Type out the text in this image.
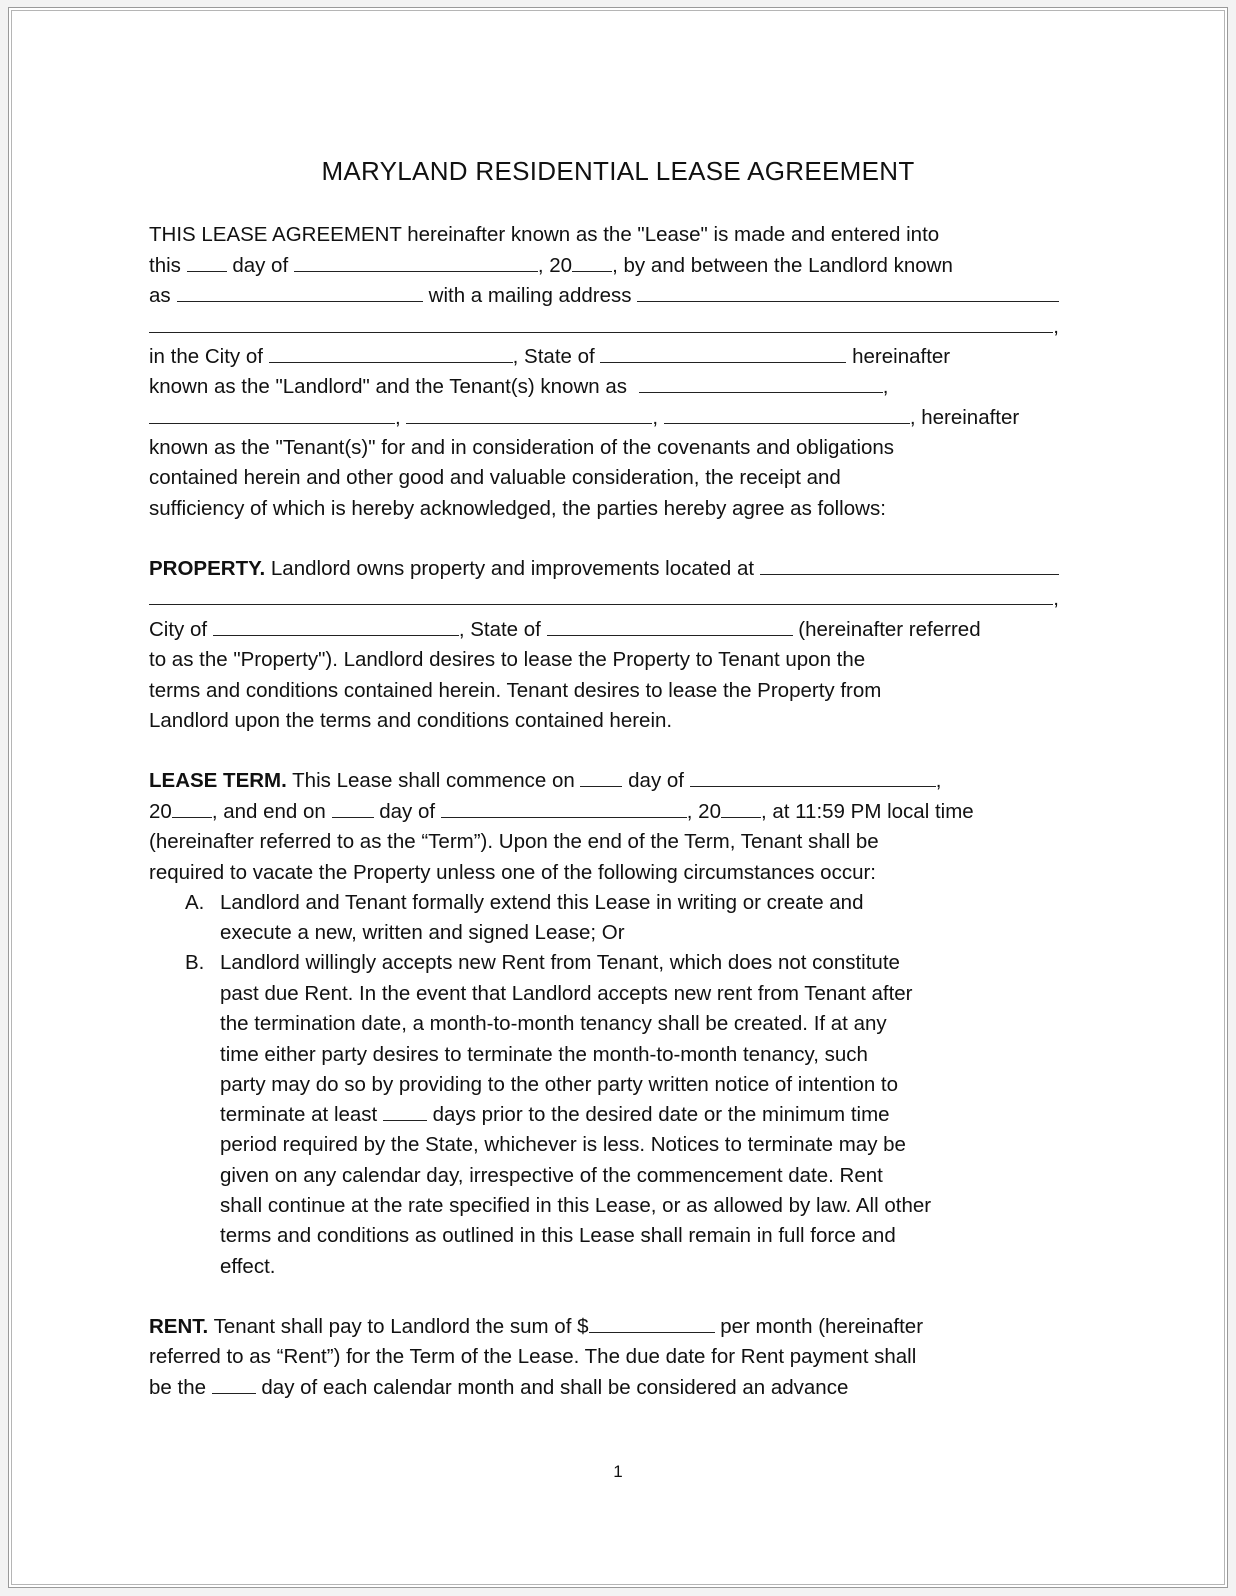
MARYLAND RESIDENTIAL LEASE AGREEMENT
THIS LEASE AGREEMENT hereinafter known as the "Lease" is made and entered into
this	day of	, 20 , by and between the Landlord known
as	with a mailing address
,
in the City of	, State of	hereinafter
known as the "Landlord" and the Tenant(s) known as	,
,	,	, hereinafter
known as the "Tenant(s)" for and in consideration of the covenants and obligations
contained herein and other good and valuable consideration, the receipt and
sufficiency of which is hereby acknowledged, the parties hereby agree as follows:
PROPERTY. Landlord owns property and improvements located at
,
City of	, State of	(hereinafter referred
to as the "Property"). Landlord desires to lease the Property to Tenant upon the
terms and conditions contained herein. Tenant desires to lease the Property from
Landlord upon the terms and conditions contained herein.
LEASE TERM. This Lease shall commence on	day of	,
20 , and end on	day of	, 20 , at 11:59 PM local time
(hereinafter referred to as the “Term”). Upon the end of the Term, Tenant shall be
required to vacate the Property unless one of the following circumstances occur:
A. Landlord and Tenant formally extend this Lease in writing or create and
execute a new, written and signed Lease; Or
B. Landlord willingly accepts new Rent from Tenant, which does not constitute
past due Rent. In the event that Landlord accepts new rent from Tenant after
the termination date, a month-to-month tenancy shall be created. If at any
time either party desires to terminate the month-to-month tenancy, such
party may do so by providing to the other party written notice of intention to
terminate at least	days prior to the desired date or the minimum time
period required by the State, whichever is less. Notices to terminate may be
given on any calendar day, irrespective of the commencement date. Rent
shall continue at the rate specified in this Lease, or as allowed by law. All other
terms and conditions as outlined in this Lease shall remain in full force and
effect.
RENT. Tenant shall pay to Landlord the sum of $	per month (hereinafter
referred to as “Rent”) for the Term of the Lease. The due date for Rent payment shall
be the	day of each calendar month and shall be considered an advance
1
